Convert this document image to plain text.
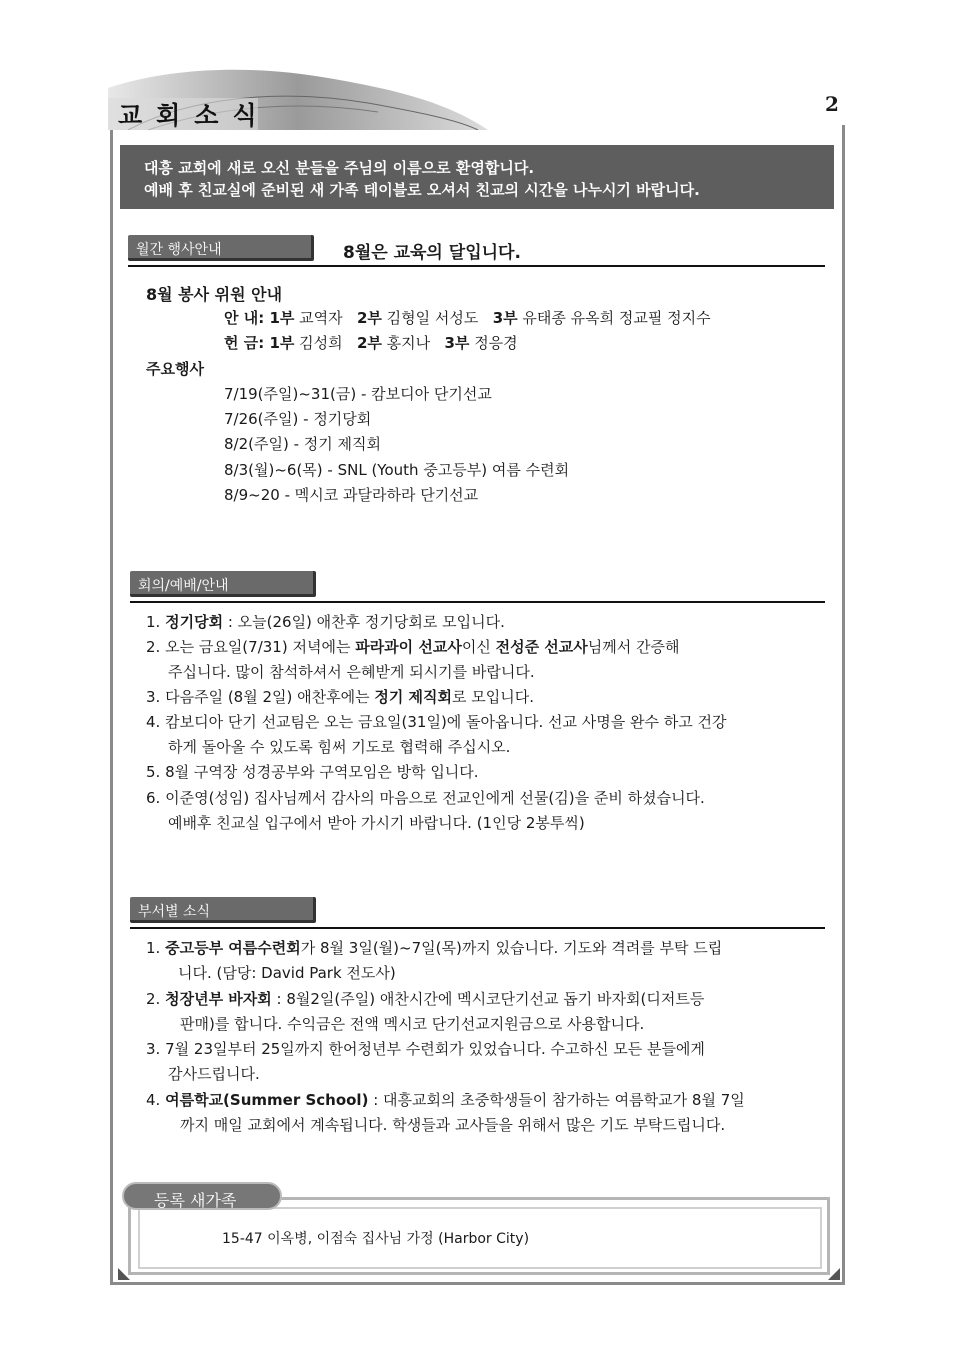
교회소식	2
대흥 교회에 새로 오신 분들을 주님의 이름으로 환영합니다.
예배 후 친교실에 준비된 새 가족 테이블로 오셔서 친교의 시간을 나누시기 바랍니다.
월간 행사안내	8월은 교육의 달입니다.
8월 봉사 위원 안내
안 내: 1부 교역자 2부 김형일 서성도 3부 유태종 유옥희 정교필 정지수
헌 금: 1부 김성희 2부 홍지나 3부 정응경
주요행사
7/19(주일)~31(금) - 캄보디아 단기선교
7/26(주일) - 정기당회
8/2(주일) - 정기 제직회
8/3(월)~6(목) - SNL (Youth 중고등부) 여름 수련회
8/9~20 - 멕시코 과달라하라 단기선교
회의/예배/안내
1. 정기당회 : 오늘(26일) 애찬후 정기당회로 모입니다.
2. 오는 금요일(7/31) 저녁에는 파라과이 선교사이신 전성준 선교사님께서 간증해
주십니다. 많이 참석하셔서 은혜받게 되시기를 바랍니다.
3. 다음주일 (8월 2일) 애찬후에는 정기 제직회로 모입니다.
4. 캄보디아 단기 선교팀은 오는 금요일(31일)에 돌아옵니다. 선교 사명을 완수 하고 건강
하게 돌아올 수 있도록 힘써 기도로 협력해 주십시오.
5. 8월 구역장 성경공부와 구역모임은 방학 입니다.
6. 이준영(성임) 집사님께서 감사의 마음으로 전교인에게 선물(김)을 준비 하셨습니다.
예배후 친교실 입구에서 받아 가시기 바랍니다. (1인당 2봉투씩)
부서별 소식
1. 중고등부 여름수련회가 8월 3일(월)~7일(목)까지 있습니다. 기도와 격려를 부탁 드립
니다. (담당: David Park 전도사)
2. 청장년부 바자회 : 8월2일(주일) 애찬시간에 멕시코단기선교 돕기 바자회(디저트등
판매)를 합니다. 수익금은 전액 멕시코 단기선교지원금으로 사용합니다.
3. 7월 23일부터 25일까지 한어청년부 수련회가 있었습니다. 수고하신 모든 분들에게
감사드립니다.
4. 여름학교(Summer School) : 대흥교회의 초중학생들이 참가하는 여름학교가 8월 7일
까지 매일 교회에서 계속됩니다. 학생들과 교사들을 위해서 많은 기도 부탁드립니다.
등록 새가족
15-47 이옥병, 이점숙 집사님 가정 (Harbor City)
